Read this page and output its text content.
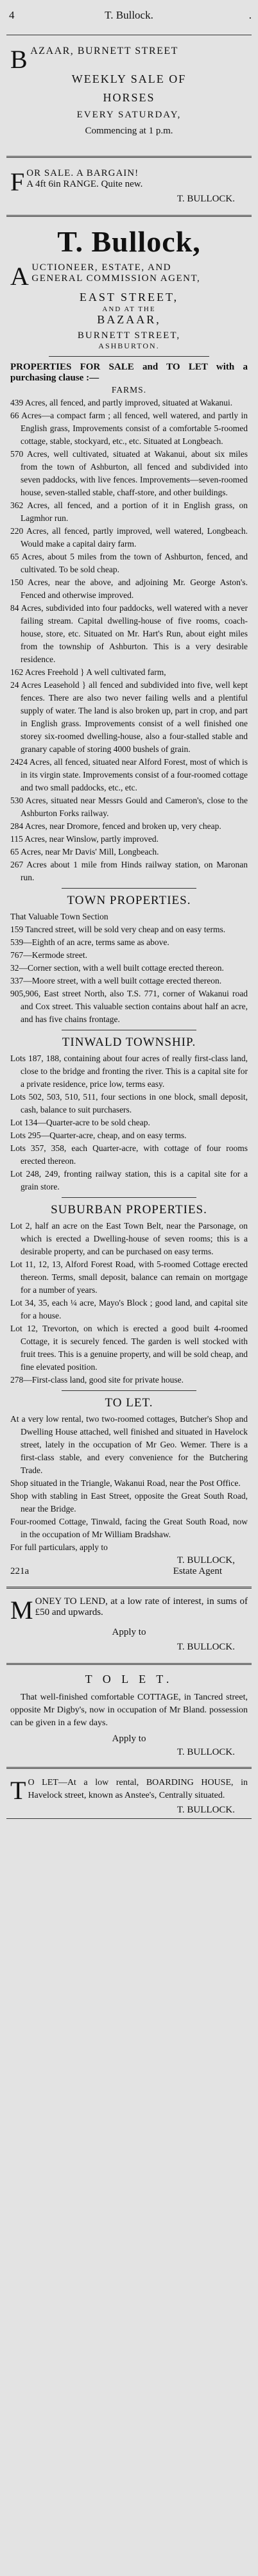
4	T. Bullock.	.

B AZAAR, BURNETT STREET

WEEKLY SALE OF

HORSES

EVERY SATURDAY,

Commencing at 1 p.m.

F OR SALE. A BARGAIN!
A 4ft 6in RANGE. Quite new.

T. BULLOCK.

T. Bullock,

A UCTIONEER, ESTATE, AND
GENERAL COMMISSION AGENT,

EAST STREET,

AND AT THE

BAZAAR,

BURNETT STREET,

ASHBURTON.

PROPERTIES FOR SALE and TO LET with a purchasing clause :—

FARMS.

439 Acres, all fenced, and partly improved, situated at Wakanui.

66 Acres—a compact farm ; all fenced, well watered, and partly in English grass, Improvements consist of a comfortable 5-roomed cottage, stable, stockyard, etc., etc. Situated at Longbeach.

570 Acres, well cultivated, situated at Wakanui, about six miles from the town of Ashburton, all fenced and subdivided into seven paddocks, with live fences. Improvements—seven-roomed house, seven-stalled stable, chaff-store, and other buildings.

362 Acres, all fenced, and a portion of it in English grass, on Lagmhor run.

220 Acres, all fenced, partly improved, well watered, Longbeach. Would make a capital dairy farm.

65 Acres, about 5 miles from the town of Ashburton, fenced, and cultivated. To be sold cheap.

150 Acres, near the above, and adjoining Mr. George Aston's. Fenced and otherwise improved.

84 Acres, subdivided into four paddocks, well watered with a never failing stream. Capital dwelling-house of five rooms, coach-house, store, etc. Situated on Mr. Hart's Run, about eight miles from the township of Ashburton. This is a very desirable residence.

162 Acres Freehold } A well cultivated farm,

24 Acres Leasehold } all fenced and subdivided into five, well kept fences. There are also two never failing wells and a plentiful supply of water. The land is also broken up, part in crop, and part in English grass. Improvements consist of a well finished one storey six-roomed dwelling-house, also a four-stalled stable and granary capable of storing 4000 bushels of grain.

2424 Acres, all fenced, situated near Alford Forest, most of which is in its virgin state. Improvements consist of a four-roomed cottage and two small paddocks, etc., etc.

530 Acres, situated near Messrs Gould and Cameron's, close to the Ashburton Forks railway.

284 Acres, near Dromore, fenced and broken up, very cheap.

115 Acres, near Winslow, partly improved.

65 Acres, near Mr Davis' Mill, Longbeach.

267 Acres about 1 mile from Hinds railway station, on Maronan run.

TOWN PROPERTIES.

That Valuable Town Section

159 Tancred street, will be sold very cheap and on easy terms.

539—Eighth of an acre, terms same as above.

767—Kermode street.

32—Corner section, with a well built cottage erected thereon.

337—Moore street, with a well built cottage erected thereon.

905,906, East street North, also T.S. 771, corner of Wakanui road and Cox street. This valuable section contains about half an acre, and has five chains frontage.

TINWALD TOWNSHIP.

Lots 187, 188, containing about four acres of really first-class land, close to the bridge and fronting the river. This is a capital site for a private residence, price low, terms easy.

Lots 502, 503, 510, 511, four sections in one block, small deposit, cash, balance to suit purchasers.

Lot 134—Quarter-acre to be sold cheap.

Lots 295—Quarter-acre, cheap, and on easy terms.

Lots 357, 358, each Quarter-acre, with cottage of four rooms erected thereon.

Lot 248, 249, fronting railway station, this is a capital site for a grain store.

SUBURBAN PROPERTIES.

Lot 2, half an acre on the East Town Belt, near the Parsonage, on which is erected a Dwelling-house of seven rooms; this is a desirable property, and can be purchased on easy terms.

Lot 11, 12, 13, Alford Forest Road, with 5-roomed Cottage erected thereon. Terms, small deposit, balance can remain on mortgage for a number of years.

Lot 34, 35, each ¼ acre, Mayo's Block ; good land, and capital site for a house.

Lot 12, Trevorton, on which is erected a good built 4-roomed Cottage, it is securely fenced. The garden is well stocked with fruit trees. This is a genuine property, and will be sold cheap, and fine elevated position.

278—First-class land, good site for private house.

TO LET.

At a very low rental, two two-roomed cottages, Butcher's Shop and Dwelling House attached, well finished and situated in Havelock street, lately in the occupation of Mr Geo. Wemer. There is a first-class stable, and every convenience for the Butchering Trade.

Shop situated in the Triangle, Wakanui Road, near the Post Office.

Shop with stabling in East Street, opposite the Great South Road, near the Bridge.

Four-roomed Cottage, Tinwald, facing the Great South Road, now in the occupation of Mr William Bradshaw.

For full particulars, apply to

T. BULLOCK,

221a	Estate Agent

M ONEY TO LEND, at a low rate of interest, in sums of £50 and upwards.

Apply to

T. BULLOCK.

T O L E T.

That well-finished comfortable COTTAGE, in Tancred street, opposite Mr Digby's, now in occupation of Mr Bland. possession can be given in a few days.

Apply to

T. BULLOCK.

T O LET—At a low rental, BOARDING HOUSE, in Havelock street, known as Anstee's, Centrally situated.

T. BULLOCK.
